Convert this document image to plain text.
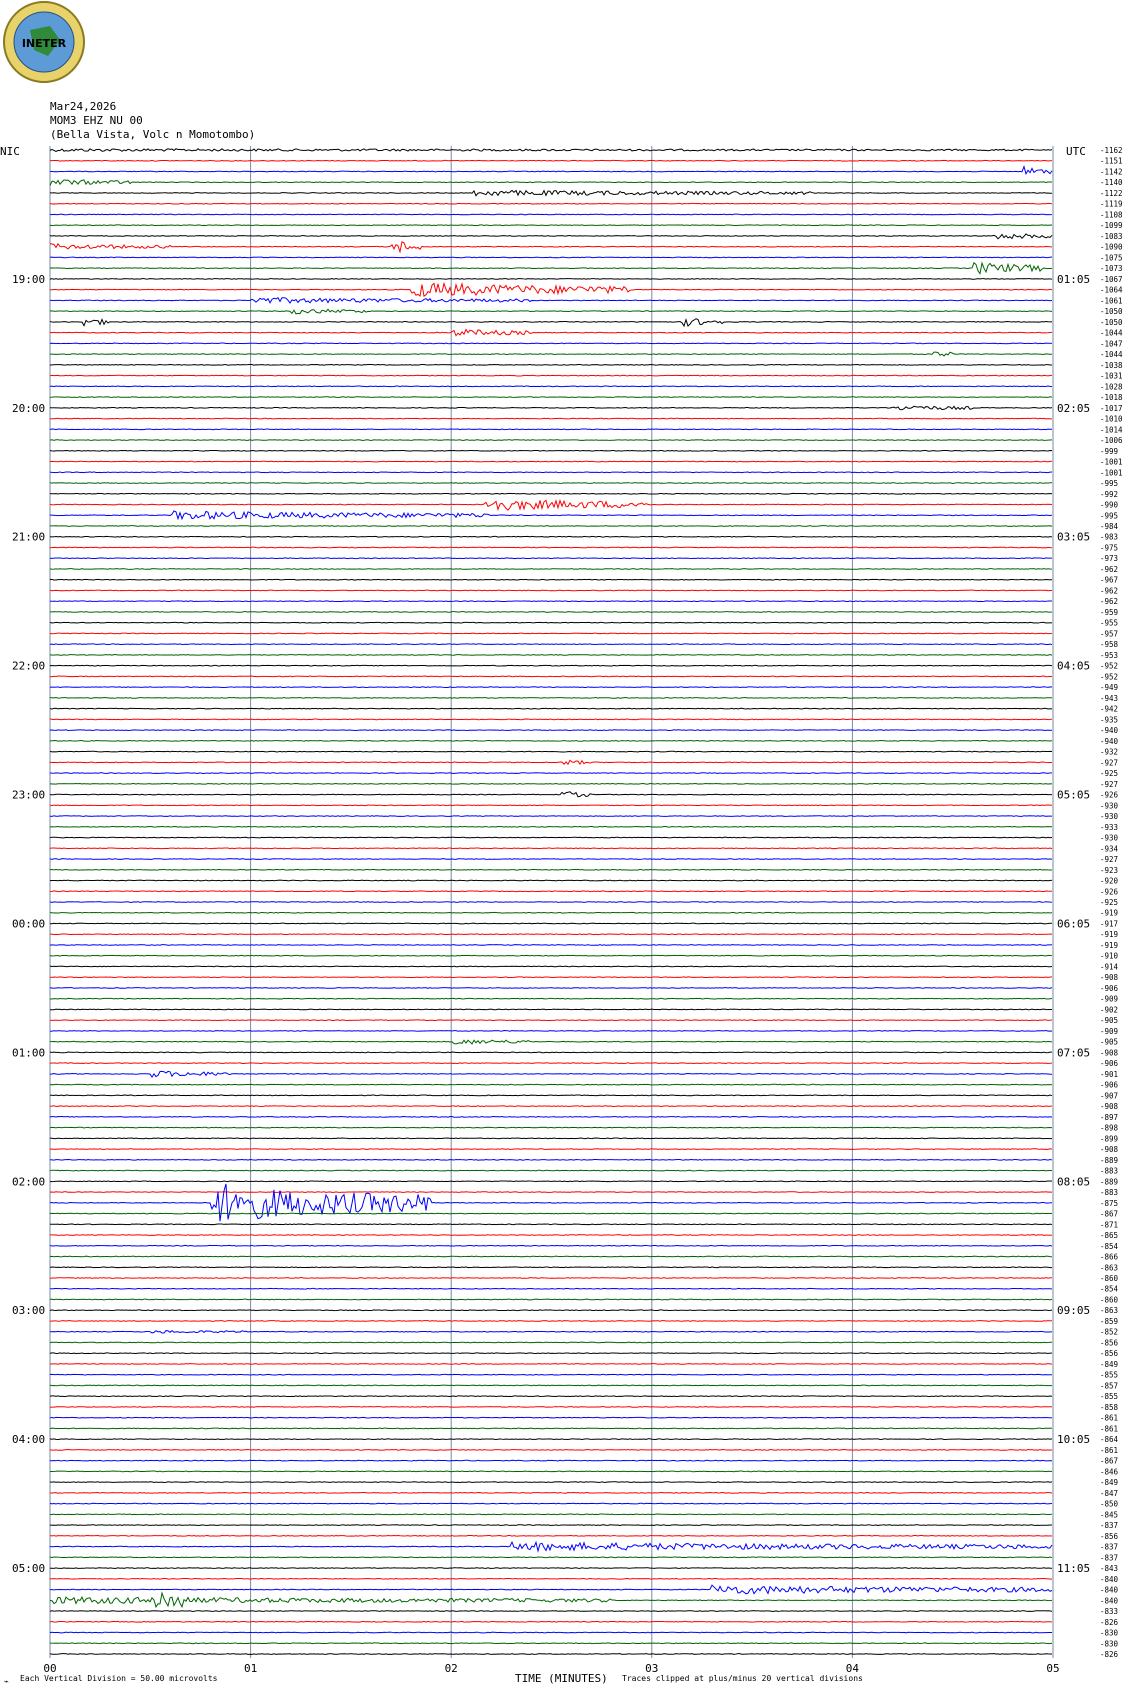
INETER
Mar24,2026
MOM3 EHZ NU 00
(Bella Vista, Volc n Momotombo)
NIC	UTC
00	01	02	03	04	05
19:00	01:05
20:00	02:05
21:00	03:05
22:00	04:05
23:00	05:05
00:00	06:05
01:00	07:05
02:00	08:05
03:00	09:05
04:00	10:05
05:00	11:05
-1162
-1151
-1142
-1140
-1122
-1119
-1108
-1099
-1083
-1090
-1075
-1073
-1067
-1064
-1061
-1050
-1050
-1044
-1047
-1044
-1038
-1031
-1028
-1018
-1017
-1010
-1014
-1006
-999
-1001
-1001
-995
-992
-990
-995
-984
-983
-975
-973
-962
-967
-962
-962
-959
-955
-957
-958
-953
-952
-952
-949
-943
-942
-935
-940
-940
-932
-927
-925
-927
-926
-930
-930
-933
-930
-934
-927
-923
-920
-926
-925
-919
-917
-919
-919
-910
-914
-908
-906
-909
-902
-905
-909
-905
-908
-906
-901
-906
-907
-908
-897
-898
-899
-908
-889
-883
-889
-883
-875
-867
-871
-865
-854
-866
-863
-860
-854
-860
-863
-859
-852
-856
-856
-849
-855
-857
-855
-858
-861
-861
-864
-861
-867
-846
-849
-847
-850
-845
-837
-856
-837
-837
-843
-840
-840
-840
-833
-826
-830
-830
-826
⌁ Each Vertical Division = 50.00 microvolts	TIME (MINUTES) Traces clipped at plus/minus 20 vertical divisions
